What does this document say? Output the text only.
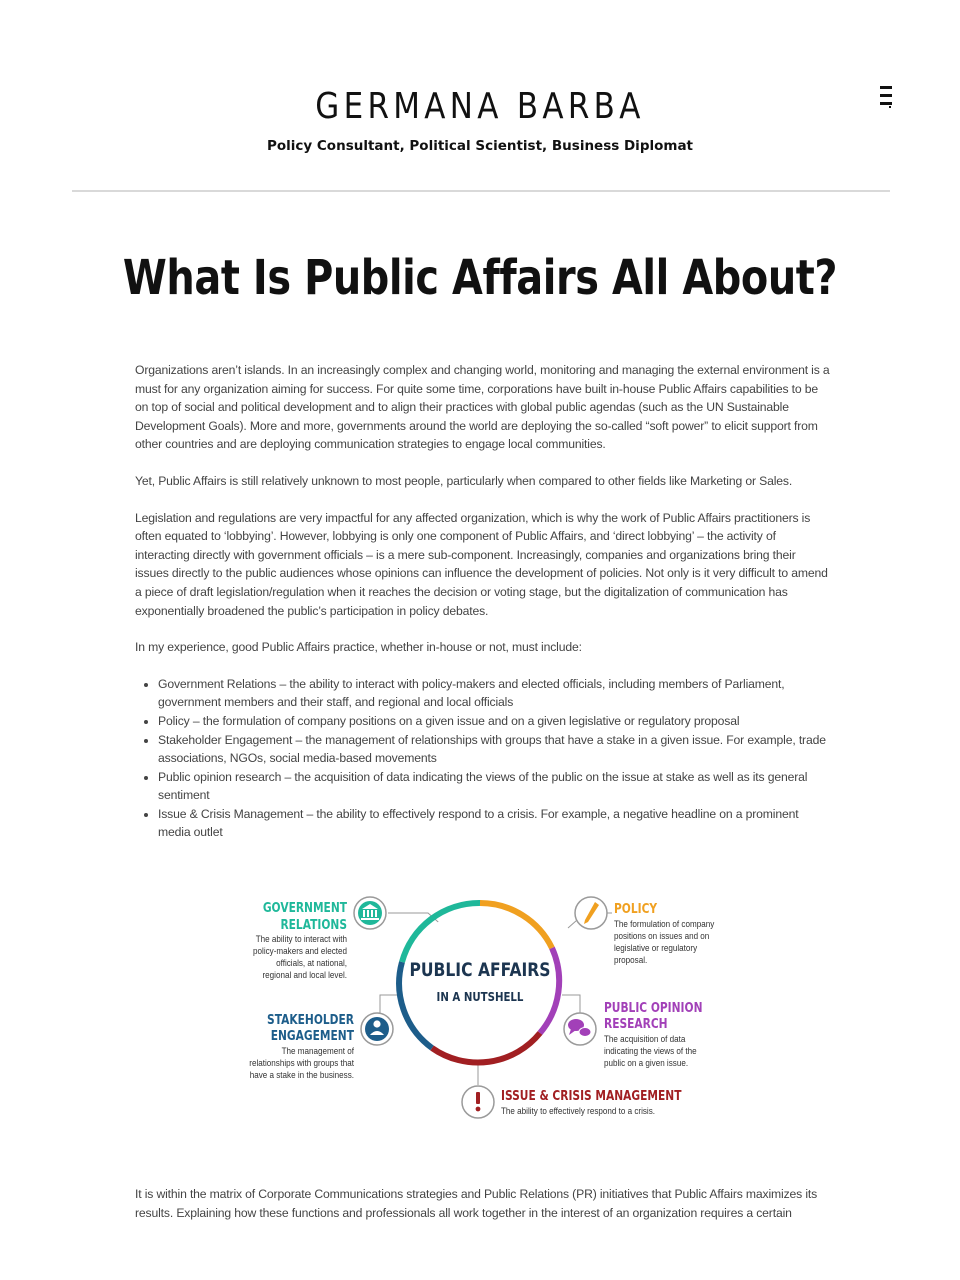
GERMANA BARBA
Policy Consultant, Political Scientist, Business Diplomat
What Is Public Affairs All About?

Organizations aren’t islands. In an increasingly complex and changing world, monitoring and managing the external environment is a must for any organization aiming for success. For quite some time, corporations have built in-house Public Affairs capabilities to be on top of social and political development and to align their practices with global public agendas (such as the UN Sustainable Development Goals). More and more, governments around the world are deploying the so-called “soft power” to elicit support from other countries and are deploying communication strategies to engage local communities.

Yet, Public Affairs is still relatively unknown to most people, particularly when compared to other fields like Marketing or Sales.

Legislation and regulations are very impactful for any affected organization, which is why the work of Public Affairs practitioners is often equated to ‘lobbying’. However, lobbying is only one component of Public Affairs, and ‘direct lobbying’ – the activity of interacting directly with government officials – is a mere sub-component. Increasingly, companies and organizations bring their issues directly to the public audiences whose opinions can influence the development of policies. Not only is it very difficult to amend a piece of draft legislation/regulation when it reaches the decision or voting stage, but the digitalization of communication has exponentially broadened the public’s participation in policy debates.

In my experience, good Public Affairs practice, whether in-house or not, must include:

Government Relations – the ability to interact with policy-makers and elected officials, including members of Parliament, government members and their staff, and regional and local officials
Policy – the formulation of company positions on a given issue and on a given legislative or regulatory proposal
Stakeholder Engagement – the management of relationships with groups that have a stake in a given issue. For example, trade associations, NGOs, social media-based movements
Public opinion research – the acquisition of data indicating the views of the public on the issue at stake as well as its general sentiment
Issue & Crisis Management – the ability to effectively respond to a crisis. For example, a negative headline on a prominent media outlet
PUBLIC AFFAIRS
IN A NUTSHELL
GOVERNMENT
RELATIONS
The ability to interact with
policy-makers and elected
officials, at national,
regional and local level.
POLICY
The formulation of company
positions on issues and on
legislative or regulatory
proposal.
STAKEHOLDER
ENGAGEMENT
The management of
relationships with groups that
have a stake in the business.
PUBLIC OPINION
RESEARCH
The acquisition of data
indicating the views of the
public on a given issue.
ISSUE & CRISIS MANAGEMENT
The ability to effectively respond to a crisis.

It is within the matrix of Corporate Communications strategies and Public Relations (PR) initiatives that Public Affairs maximizes its results. Explaining how these functions and professionals all work together in the interest of an organization requires a certain
